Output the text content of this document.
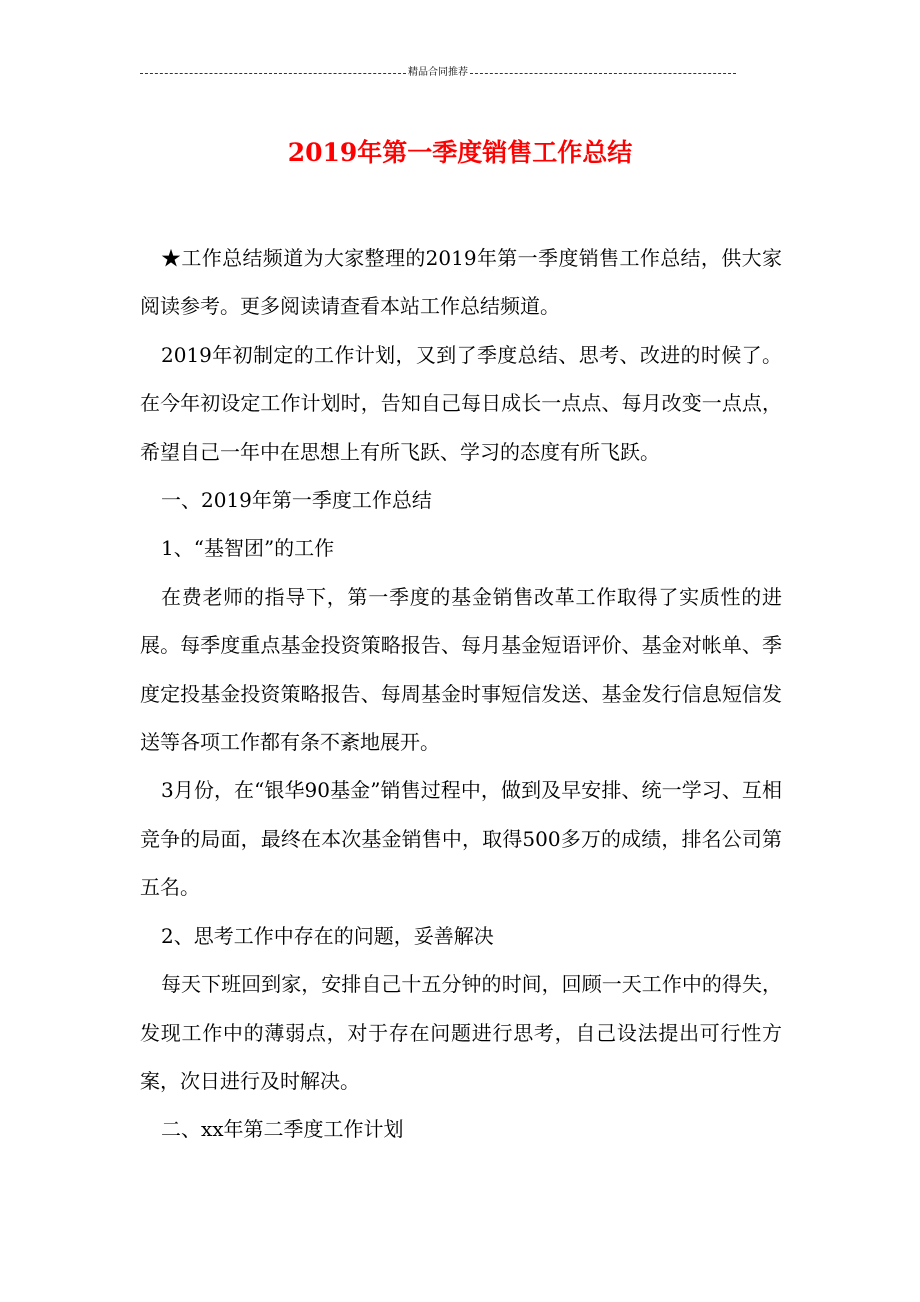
精品合同推荐
2019年第一季度销售工作总结

★工作总结频道为大家整理的2019年第一季度销售工作总结，供大家阅读参考。更多阅读请查看本站工作总结频道。

2019年初制定的工作计划，又到了季度总结、思考、改进的时候了。在今年初设定工作计划时，告知自己每日成长一点点、每月改变一点点，希望自己一年中在思想上有所飞跃、学习的态度有所飞跃。

一、2019年第一季度工作总结

1、“基智团”的工作

在费老师的指导下，第一季度的基金销售改革工作取得了实质性的进展。每季度重点基金投资策略报告、每月基金短语评价、基金对帐单、季度定投基金投资策略报告、每周基金时事短信发送、基金发行信息短信发送等各项工作都有条不紊地展开。

3月份，在“银华90基金”销售过程中，做到及早安排、统一学习、互相竞争的局面，最终在本次基金销售中，取得500多万的成绩，排名公司第五名。

2、思考工作中存在的问题，妥善解决

每天下班回到家，安排自己十五分钟的时间，回顾一天工作中的得失，发现工作中的薄弱点，对于存在问题进行思考，自己设法提出可行性方案，次日进行及时解决。

二、xx年第二季度工作计划
